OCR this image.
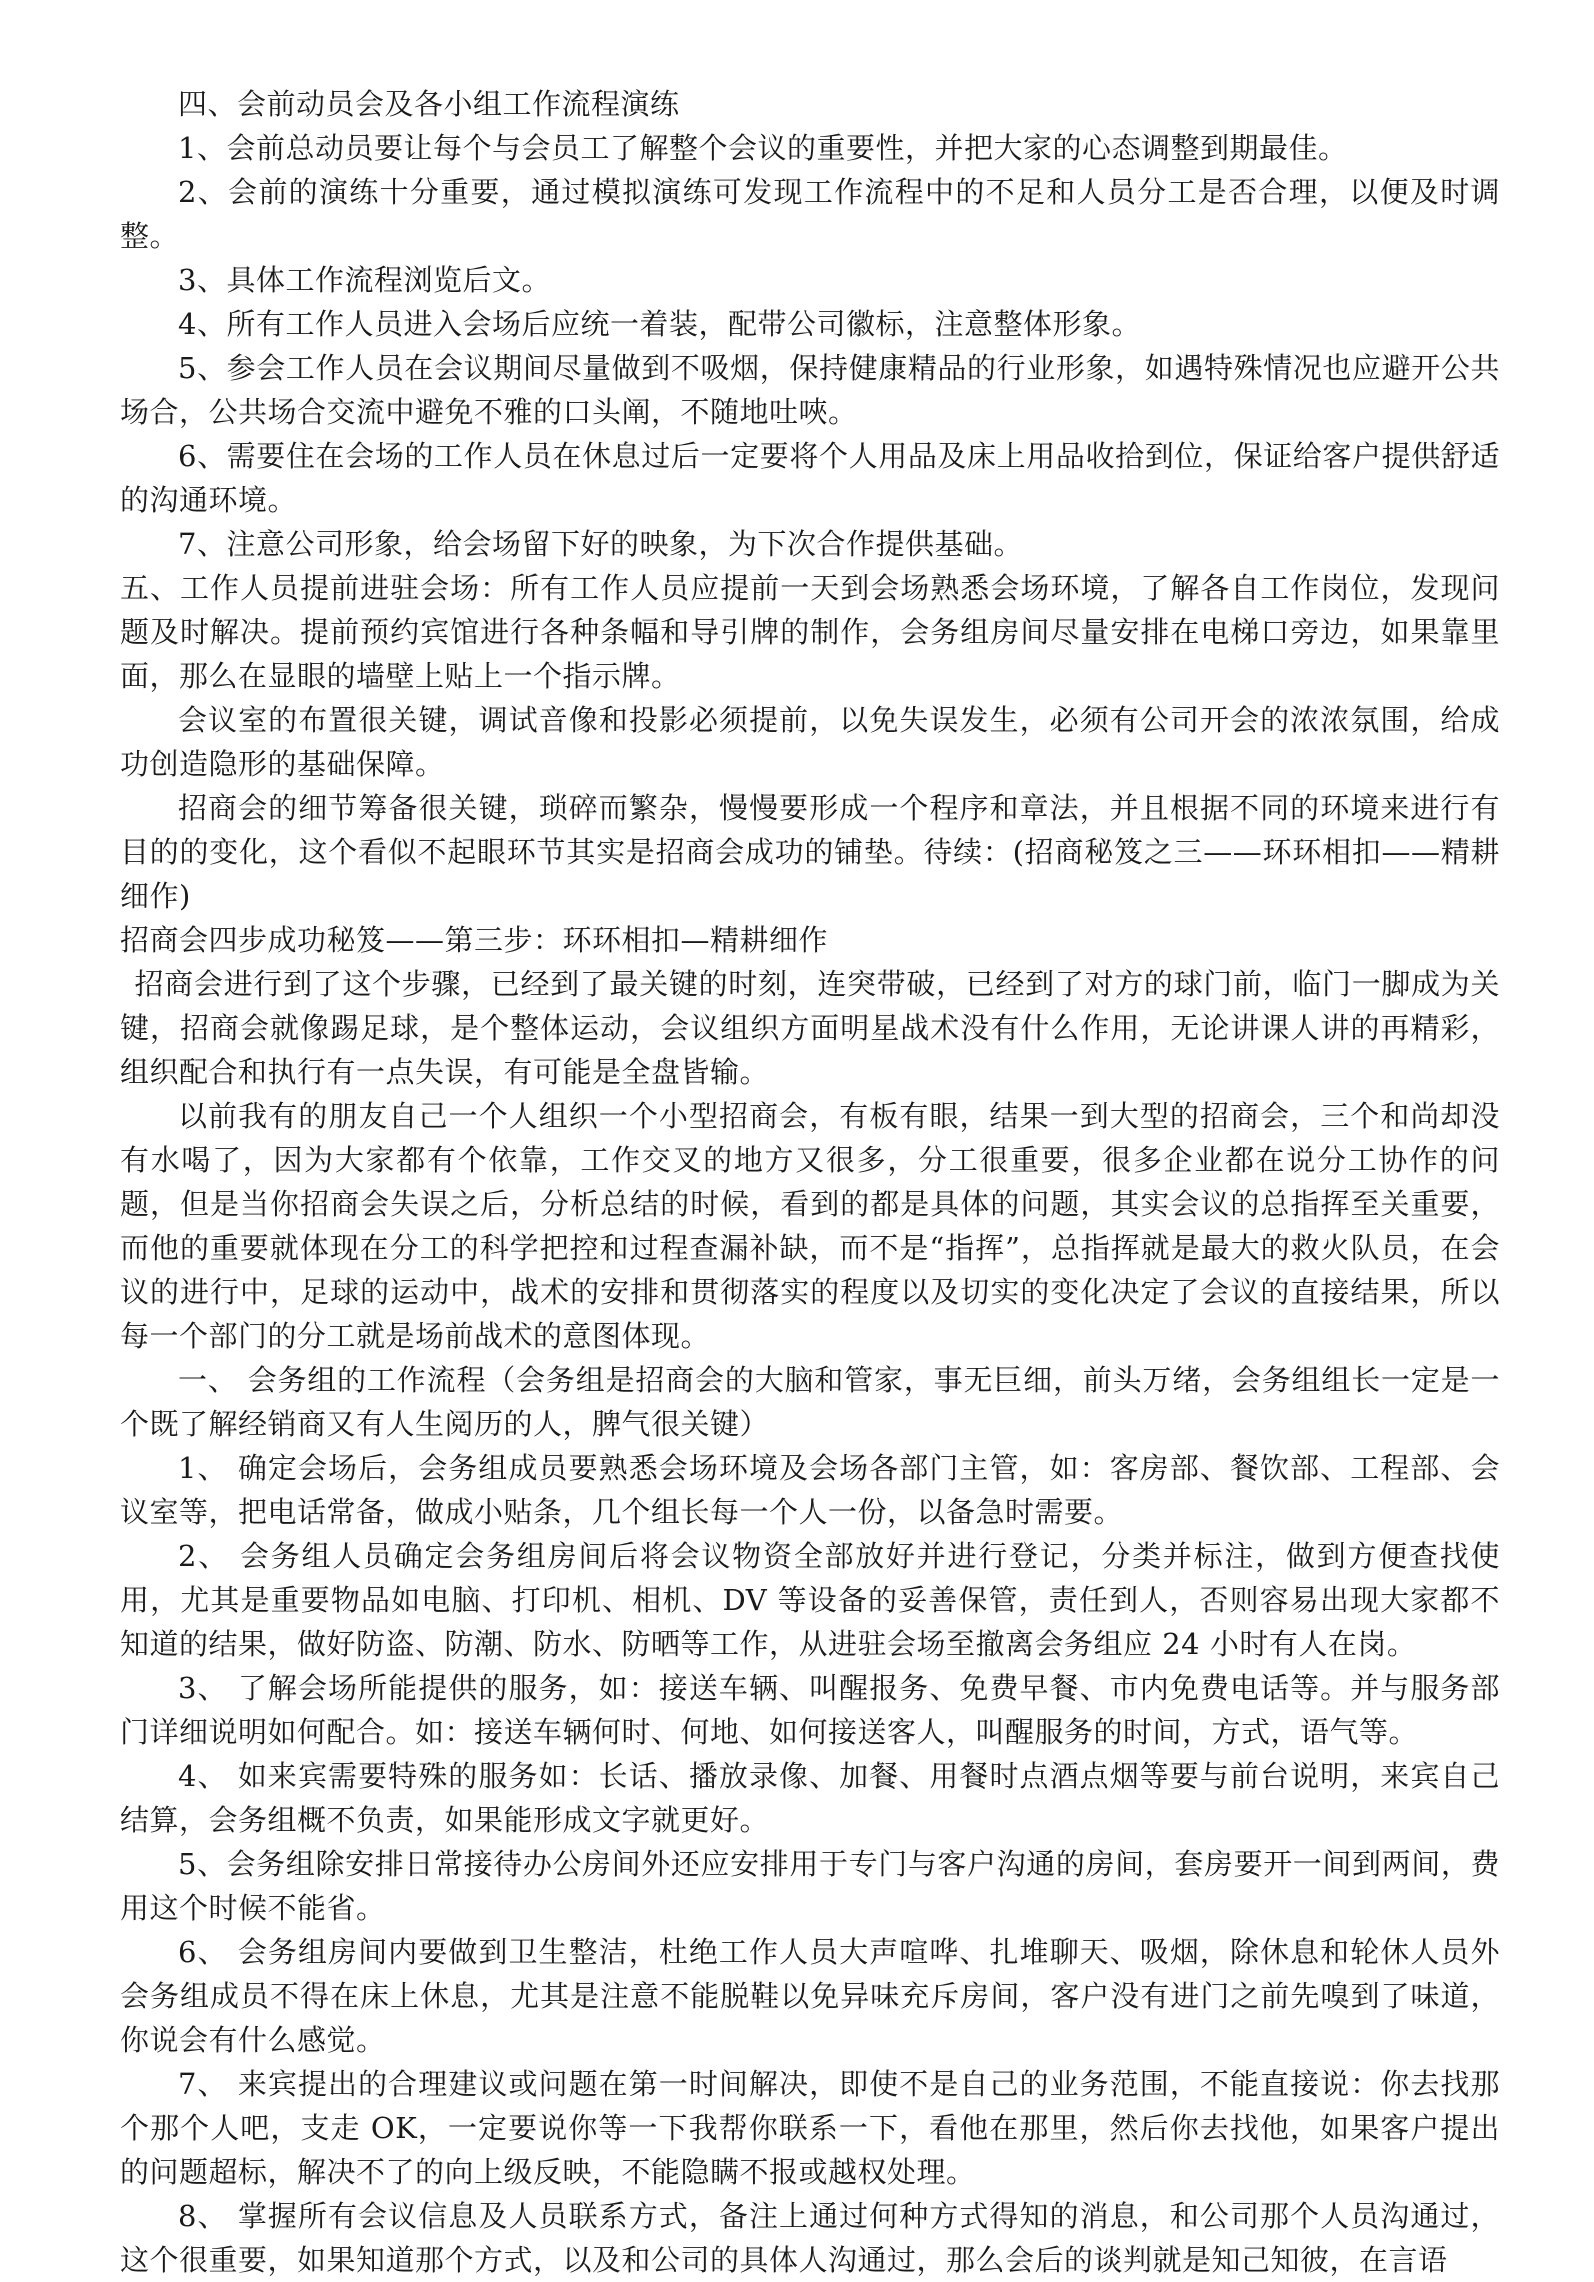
四、会前动员会及各小组工作流程演练

1、会前总动员要让每个与会员工了解整个会议的重要性，并把大家的心态调整到期最佳。

2、会前的演练十分重要，通过模拟演练可发现工作流程中的不足和人员分工是否合理，以便及时调整。

3、具体工作流程浏览后文。

4、所有工作人员进入会场后应统一着装，配带公司徽标，注意整体形象。

5、参会工作人员在会议期间尽量做到不吸烟，保持健康精品的行业形象，如遇特殊情况也应避开公共场合，公共场合交流中避免不雅的口头阐，不随地吐唊。

6、需要住在会场的工作人员在休息过后一定要将个人用品及床上用品收拾到位，保证给客户提供舒适的沟通环境。

7、注意公司形象，给会场留下好的映象，为下次合作提供基础。

五、工作人员提前进驻会场：所有工作人员应提前一天到会场熟悉会场环境，了解各自工作岗位，发现问题及时解决。提前预约宾馆进行各种条幅和导引牌的制作，会务组房间尽量安排在电梯口旁边，如果靠里面，那么在显眼的墙壁上贴上一个指示牌。

会议室的布置很关键，调试音像和投影必须提前，以免失误发生，必须有公司开会的浓浓氛围，给成功创造隐形的基础保障。

招商会的细节筹备很关键，琐碎而繁杂，慢慢要形成一个程序和章法，并且根据不同的环境来进行有目的的变化，这个看似不起眼环节其实是招商会成功的铺垫。待续：(招商秘笈之三——环环相扣——精耕细作)

招商会四步成功秘笈——第三步：环环相扣—精耕细作

招商会进行到了这个步骤，已经到了最关键的时刻，连突带破，已经到了对方的球门前，临门一脚成为关键，招商会就像踢足球，是个整体运动，会议组织方面明星战术没有什么作用，无论讲课人讲的再精彩，组织配合和执行有一点失误，有可能是全盘皆输。

以前我有的朋友自己一个人组织一个小型招商会，有板有眼，结果一到大型的招商会，三个和尚却没有水喝了，因为大家都有个依靠，工作交叉的地方又很多，分工很重要，很多企业都在说分工协作的问题，但是当你招商会失误之后，分析总结的时候，看到的都是具体的问题，其实会议的总指挥至关重要，而他的重要就体现在分工的科学把控和过程查漏补缺，而不是“指挥”，总指挥就是最大的救火队员，在会议的进行中，足球的运动中，战术的安排和贯彻落实的程度以及切实的变化决定了会议的直接结果，所以每一个部门的分工就是场前战术的意图体现。

一、 会务组的工作流程（会务组是招商会的大脑和管家，事无巨细，前头万绪，会务组组长一定是一个既了解经销商又有人生阅历的人，脾气很关键）

1、 确定会场后，会务组成员要熟悉会场环境及会场各部门主管，如：客房部、餐饮部、工程部、会议室等，把电话常备，做成小贴条，几个组长每一个人一份，以备急时需要。

2、 会务组人员确定会务组房间后将会议物资全部放好并进行登记，分类并标注，做到方便查找使用，尤其是重要物品如电脑、打印机、相机、DV 等设备的妥善保管，责任到人，否则容易出现大家都不知道的结果，做好防盗、防潮、防水、防晒等工作，从进驻会场至撤离会务组应 24 小时有人在岗。

3、 了解会场所能提供的服务，如：接送车辆、叫醒报务、免费早餐、市内免费电话等。并与服务部门详细说明如何配合。如：接送车辆何时、何地、如何接送客人，叫醒服务的时间，方式，语气等。

4、 如来宾需要特殊的服务如：长话、播放录像、加餐、用餐时点酒点烟等要与前台说明，来宾自己结算，会务组概不负责，如果能形成文字就更好。

5、会务组除安排日常接待办公房间外还应安排用于专门与客户沟通的房间，套房要开一间到两间，费用这个时候不能省。

6、 会务组房间内要做到卫生整洁，杜绝工作人员大声喧哗、扎堆聊天、吸烟，除休息和轮休人员外会务组成员不得在床上休息，尤其是注意不能脱鞋以免异味充斥房间，客户没有进门之前先嗅到了味道，你说会有什么感觉。

7、 来宾提出的合理建议或问题在第一时间解决，即使不是自己的业务范围，不能直接说：你去找那个那个人吧，支走 OK，一定要说你等一下我帮你联系一下，看他在那里，然后你去找他，如果客户提出的问题超标，解决不了的向上级反映，不能隐瞒不报或越权处理。

8、 掌握所有会议信息及人员联系方式，备注上通过何种方式得知的消息，和公司那个人员沟通过，这个很重要，如果知道那个方式，以及和公司的具体人沟通过，那么会后的谈判就是知己知彼，在言语
